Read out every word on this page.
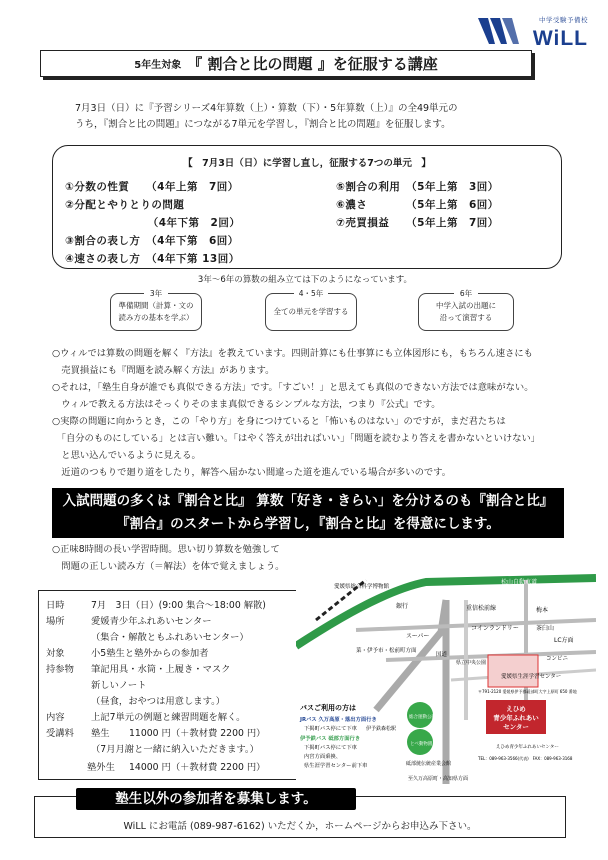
中学受験予備校
WiLL
5年生対象 『 割合と比の問題 』を征服する講座
7月3日（日）に『予習シリーズ4年算数（上）・算数（下）・5年算数（上）』の全49単元の
うち，『割合と比の問題』につながる7単元を学習し，『割合と比の問題』を征服します。
【　7月3日（日）に学習し直し，征服する7つの単元　】
①分数の性質　　（4年上第　7回）
②分配とやりとりの問題
　　　　　　　　（4年下第　2回）
③割合の表し方　（4年下第　6回）
④速さの表し方　（4年下第 13回）
⑤割合の利用　（5年上第　3回）
⑥濃さ　　　　（5年上第　6回）
⑦売買損益　　（5年上第　7回）
3年～6年の算数の組み立ては下のようになっています。
3年
準備期間（計算・文の
読み方の基本を学ぶ）
4・5年
全ての単元を学習する
6年
中学入試の出題に
沿って演習する
○ウィルでは算数の問題を解く『方法』を教えています。四則計算にも仕事算にも立体図形にも，もちろん速さにも
　売買損益にも『問題を読み解く方法』があります。
○それは，「塾生自身が誰でも真似できる方法」です。「すごい！」と思えても真似のできない方法では意味がない。
　ウィルで教える方法はそっくりそのまま真似できるシンプルな方法，つまり『公式』です。
○実際の問題に向かうとき，この「やり方」を身につけていると「怖いものはない」のですが，まだ君たちは
　「自分のものにしている」とは言い難い。「はやく答えが出ればいい」「問題を読むより答えを書かないといけない」
　と思い込んでいるように見える。
　近道のつもりで廻り道をしたり，解答へ届かない間違った道を進んでいる場合が多いのです。
入試問題の多くは『割合と比』 算数「好き・きらい」を分けるのも『割合と比』
『割合』のスタートから学習し，『割合と比』を得意にします。
○正味8時間の長い学習時間。思い切り算数を勉強して
　問題の正しい読み方（＝解法）を体で覚えましょう。
日時	7月　3日（日）(9:00 集合～18:00 解散)
場所	愛媛青少年ふれあいセンター
（集合・解散ともふれあいセンター）
対象	小5塾生と塾外からの参加者
持参物 筆記用具・水筒・上履き・マスク
新しいノート
（昼食，おやつは用意します。）
内容	上記7単元の例題と練習問題を解く。
受講料 塾生 11000 円（＋教材費 2200 円）
（7月月謝と一緒に納入いただきます。）
塾外生 14000 円（＋教材費 2200 円）
えひめ
青少年ふれあい
センター
愛媛県総合科学博物館
松山自動車道
銀行	重信松前線
スーパー
コインランドリー
梅本
茶臼山
LC方面
菜・伊予市・松前町方面
国道
県立中央公園
コンビニ
愛媛県生涯学習センター
総合運動公園
とべ動物園
えひめ青少年ふれあいセンター
砥部焼伝統産業会館
至久万高原町・高知県方面
伊予鉄森松駅
バスご利用の方は
JRバス 久万高原・落出方面行き
下掲町バス停にて下車
伊予鉄バス 砥部方面行き
下掲町バス停にて下車
内宮方面乗換、
県生涯学習センター前下車
〒791-2120 愛媛県伊予郡砥部町大字上原町 650 番地
TEL：089-963-3566(代表)　FAX：089-963-3168
塾生以外の参加者を募集します。
WiLL にお電話 (089-987-6162) いただくか，ホームページからお申込み下さい。
